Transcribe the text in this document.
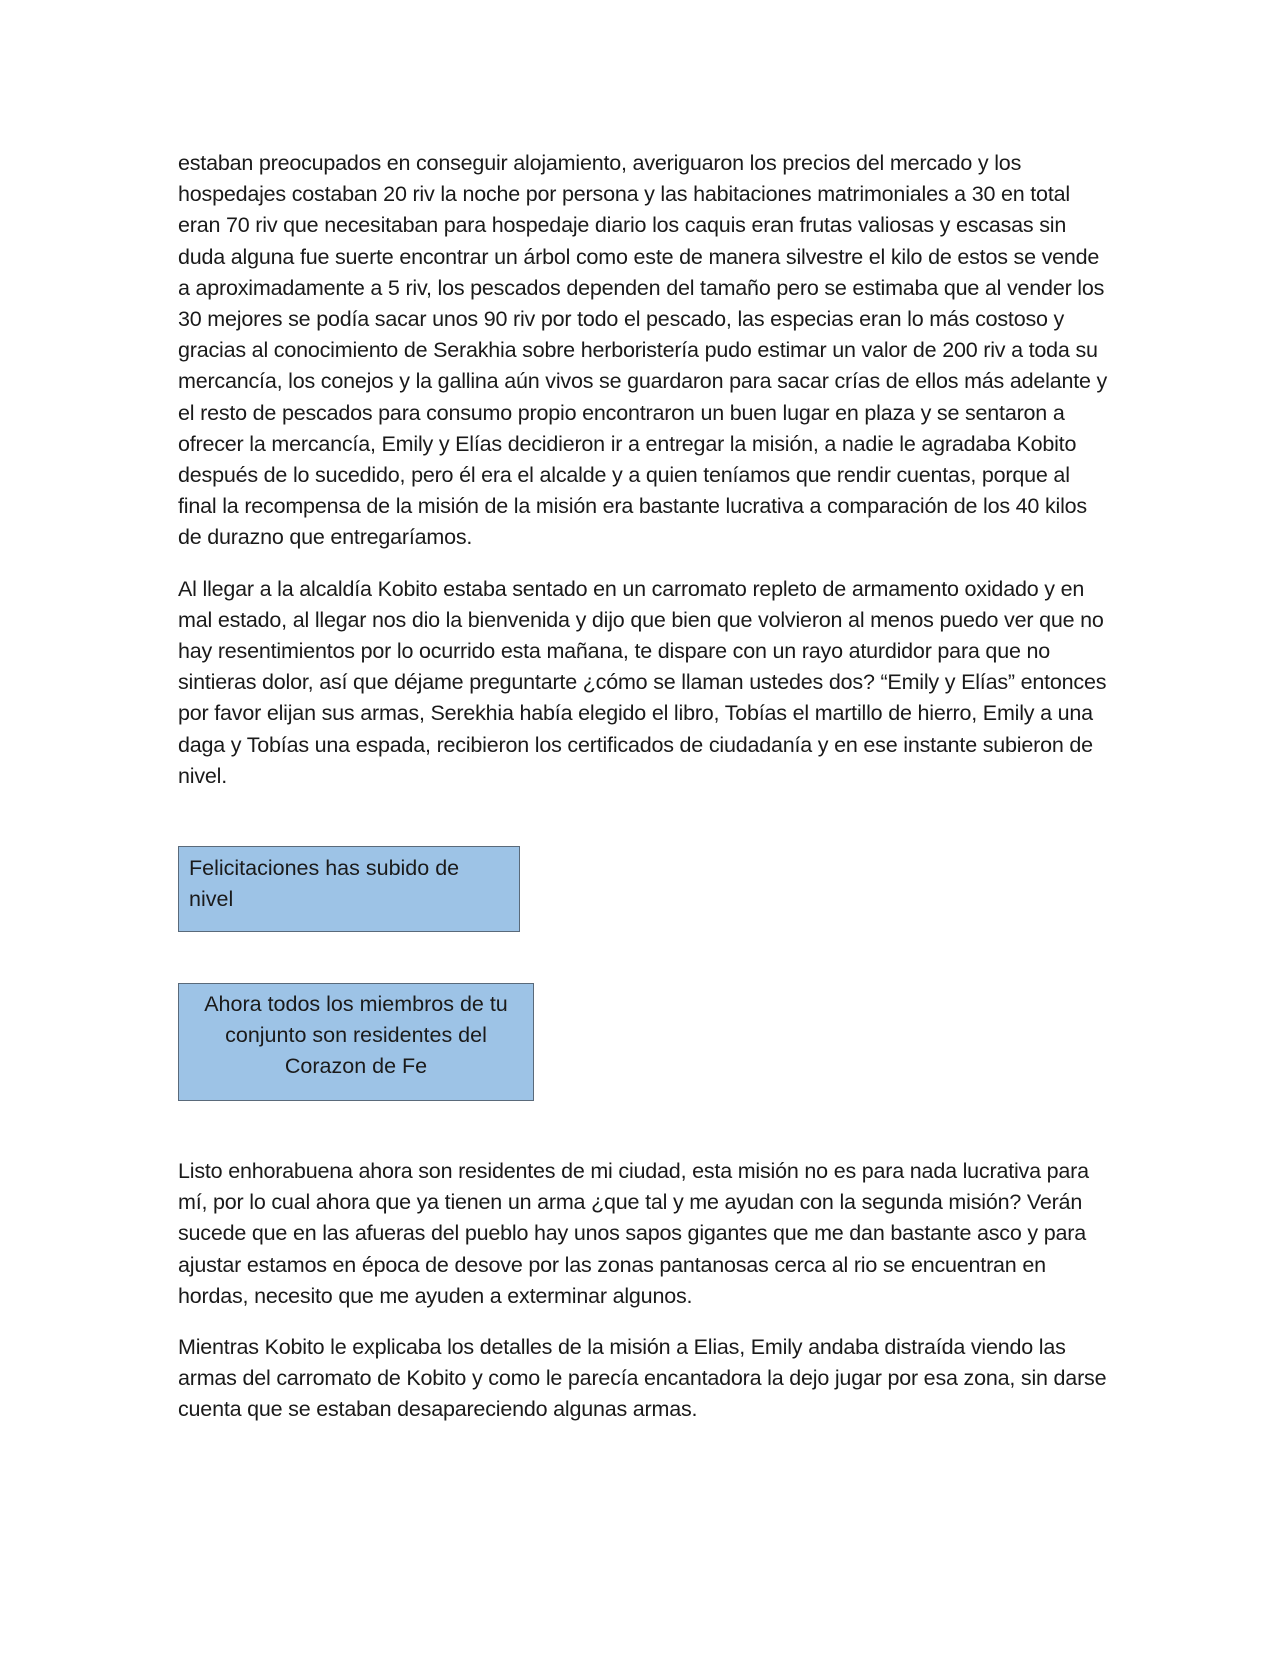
estaban preocupados en conseguir alojamiento, averiguaron los precios del mercado y los hospedajes costaban 20 riv la noche por persona y las habitaciones matrimoniales a 30 en total eran 70 riv que necesitaban para hospedaje diario los caquis eran frutas valiosas y escasas sin duda alguna fue suerte encontrar un árbol como este de manera silvestre el kilo de estos se vende a aproximadamente a 5 riv, los pescados dependen del tamaño pero se estimaba que al vender los 30 mejores se podía sacar unos 90 riv por todo el pescado, las especias eran lo más costoso y gracias al conocimiento de Serakhia sobre herboristería pudo estimar un valor de 200 riv a toda su mercancía, los conejos y la gallina aún vivos se guardaron para sacar crías de ellos más adelante y el resto de pescados para consumo propio encontraron un buen lugar en plaza y se sentaron a ofrecer la mercancía, Emily y Elías decidieron ir a entregar la misión, a nadie le agradaba Kobito después de lo sucedido, pero él era el alcalde y a quien teníamos que rendir cuentas, porque al final la recompensa de la misión de la misión era bastante lucrativa a comparación de los 40 kilos de durazno que entregaríamos.

Al llegar a la alcaldía Kobito estaba sentado en un carromato repleto de armamento oxidado y en mal estado, al llegar nos dio la bienvenida y dijo que bien que volvieron al menos puedo ver que no hay resentimientos por lo ocurrido esta mañana, te dispare con un rayo aturdidor para que no sintieras dolor, así que déjame preguntarte ¿cómo se llaman ustedes dos? “Emily y Elías” entonces por favor elijan sus armas, Serekhia había elegido el libro, Tobías el martillo de hierro, Emily a una daga y Tobías una espada, recibieron los certificados de ciudadanía y en ese instante subieron de nivel.

Felicitaciones has subido de nivel
Ahora todos los miembros de tu conjunto son residentes del Corazon de Fe

Listo enhorabuena ahora son residentes de mi ciudad, esta misión no es para nada lucrativa para mí, por lo cual ahora que ya tienen un arma ¿que tal y me ayudan con la segunda misión? Verán sucede que en las afueras del pueblo hay unos sapos gigantes que me dan bastante asco y para ajustar estamos en época de desove por las zonas pantanosas cerca al rio se encuentran en hordas, necesito que me ayuden a exterminar algunos.

Mientras Kobito le explicaba los detalles de la misión a Elias, Emily andaba distraída viendo las armas del carromato de Kobito y como le parecía encantadora la dejo jugar por esa zona, sin darse cuenta que se estaban desapareciendo algunas armas.
